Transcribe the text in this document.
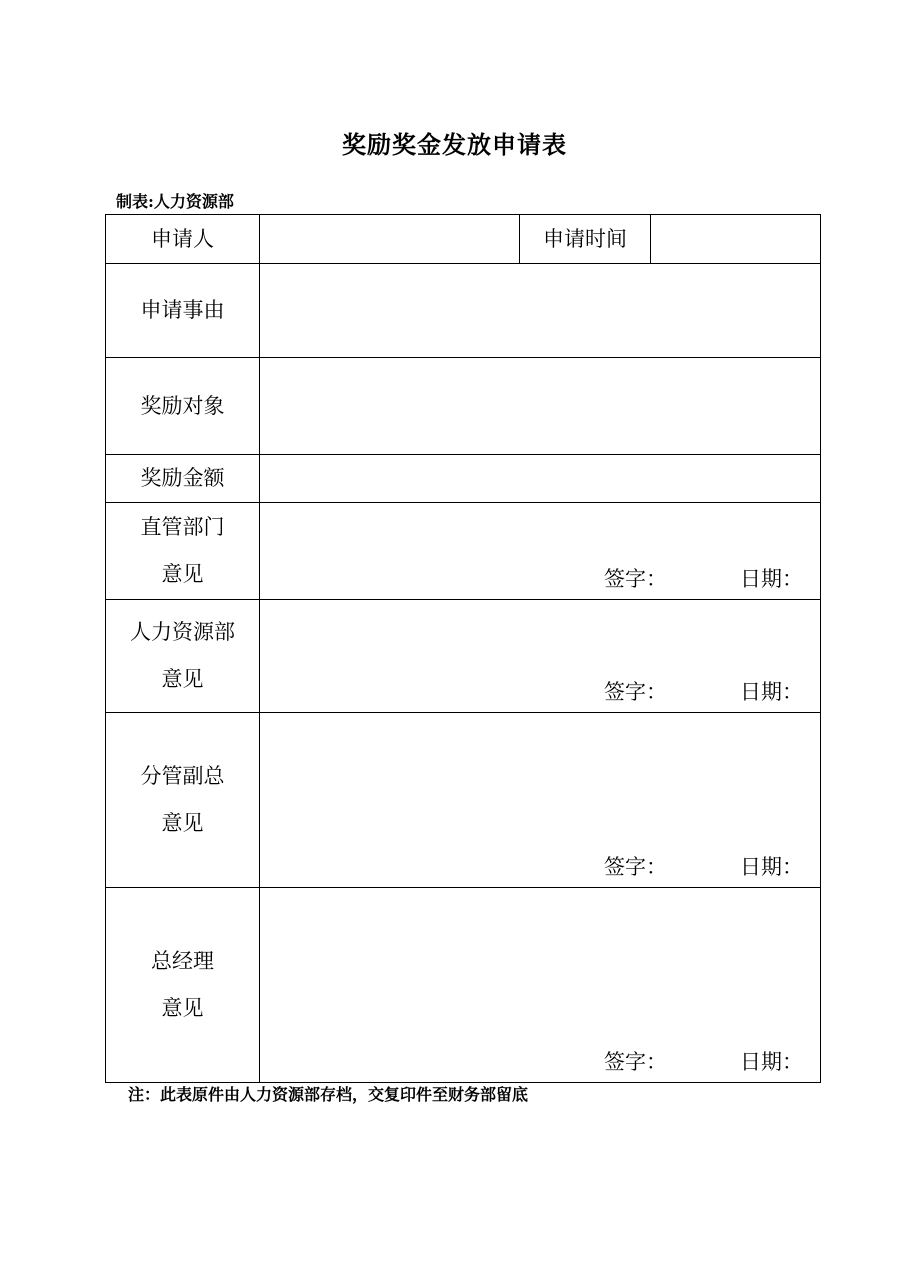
奖励奖金发放申请表
制表:人力资源部
申请人		申请时间	
申请事由			
奖励对象			
奖励金额			

直管部门
意见	签字： 日期：		

人力资源部
意见	签字： 日期：		

分管副总
意见	签字： 日期：		

总经理
意见	签字： 日期：		
注：此表原件由人力资源部存档，交复印件至财务部留底
